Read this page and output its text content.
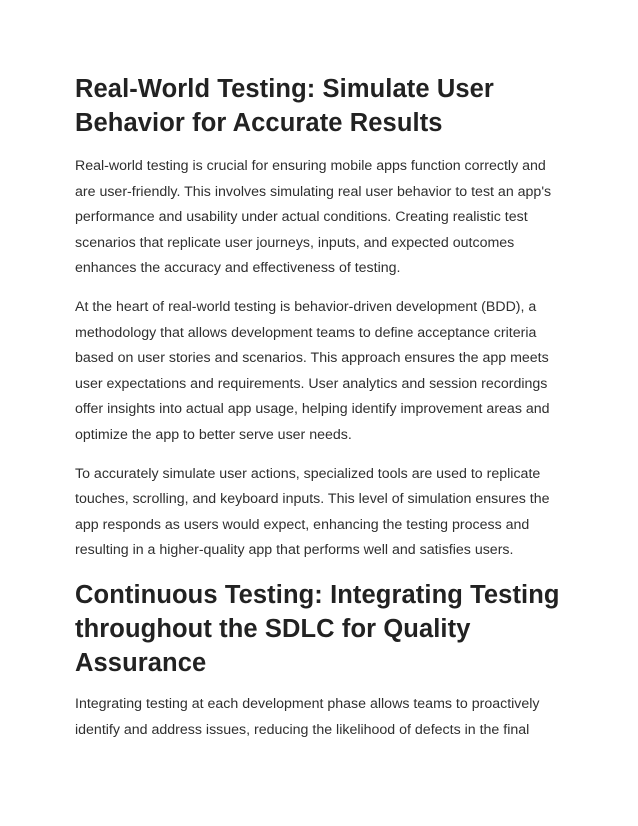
Real-World Testing: Simulate User Behavior for Accurate Results

Real-world testing is crucial for ensuring mobile apps function correctly and are user-friendly. This involves simulating real user behavior to test an app's performance and usability under actual conditions. Creating realistic test scenarios that replicate user journeys, inputs, and expected outcomes enhances the accuracy and effectiveness of testing.

At the heart of real-world testing is behavior-driven development (BDD), a methodology that allows development teams to define acceptance criteria based on user stories and scenarios. This approach ensures the app meets user expectations and requirements. User analytics and session recordings offer insights into actual app usage, helping identify improvement areas and optimize the app to better serve user needs.

To accurately simulate user actions, specialized tools are used to replicate touches, scrolling, and keyboard inputs. This level of simulation ensures the app responds as users would expect, enhancing the testing process and resulting in a higher-quality app that performs well and satisfies users.

Continuous Testing: Integrating Testing throughout the SDLC for Quality Assurance

Integrating testing at each development phase allows teams to proactively identify and address issues, reducing the likelihood of defects in the final
